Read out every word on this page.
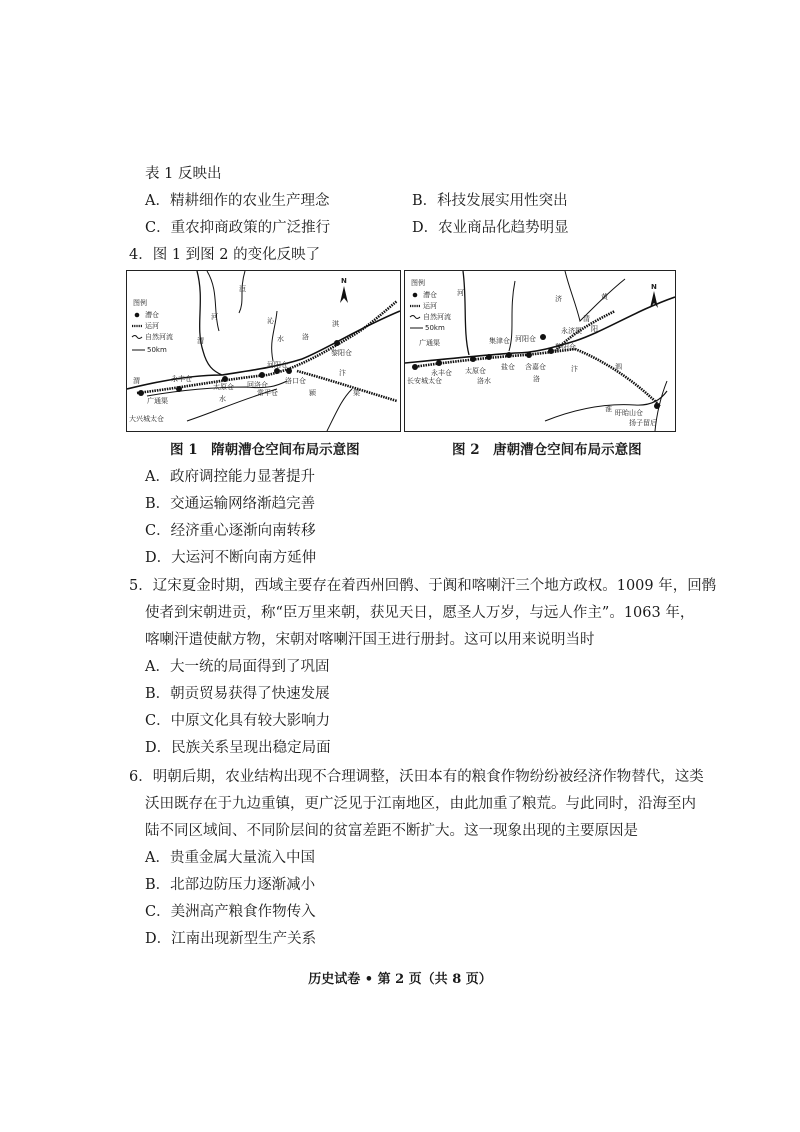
表 1 反映出
A．精耕细作的农业生产理念	B．科技发展实用性突出
C．重农抑商政策的广泛推行	D．农业商品化趋势明显
4．图 1 到图 2 的变化反映了
图例
漕仓
运河
自然河流
50km
N
洹
河	沁
水
渭	洛
淇
黎阳仓
河阳仓
回洛仓 洛口仓
常平仓
太原仓
永丰仓
渭
水
广通渠
大兴城太仓
汴
渠
颍
图例
漕仓
运河
自然河流
50km
N
河
济	黄
清
阳
永济渠
黎阳仓
河阳仓
含嘉仓
集津仓
盐仓
太原仓
永丰仓
广通渠
长安城太仓	洛水	洛
汴	泗
淮
扬子留后
盱眙山仓
图 1　隋朝漕仓空间布局示意图	图 2　唐朝漕仓空间布局示意图
A．政府调控能力显著提升
B．交通运输网络渐趋完善
C．经济重心逐渐向南转移
D．大运河不断向南方延伸
5．辽宋夏金时期，西域主要存在着西州回鹘、于阗和喀喇汗三个地方政权。1009 年，回鹘
使者到宋朝进贡，称“臣万里来朝，获见天日，愿圣人万岁，与远人作主”。1063 年，
喀喇汗遣使献方物，宋朝对喀喇汗国王进行册封。这可以用来说明当时
A．大一统的局面得到了巩固
B．朝贡贸易获得了快速发展
C．中原文化具有较大影响力
D．民族关系呈现出稳定局面
6．明朝后期，农业结构出现不合理调整，沃田本有的粮食作物纷纷被经济作物替代，这类
沃田既存在于九边重镇，更广泛见于江南地区，由此加重了粮荒。与此同时，沿海至内
陆不同区域间、不同阶层间的贫富差距不断扩大。这一现象出现的主要原因是
A．贵重金属大量流入中国
B．北部边防压力逐渐减小
C．美洲高产粮食作物传入
D．江南出现新型生产关系
历史试卷 • 第 2 页（共 8 页）
